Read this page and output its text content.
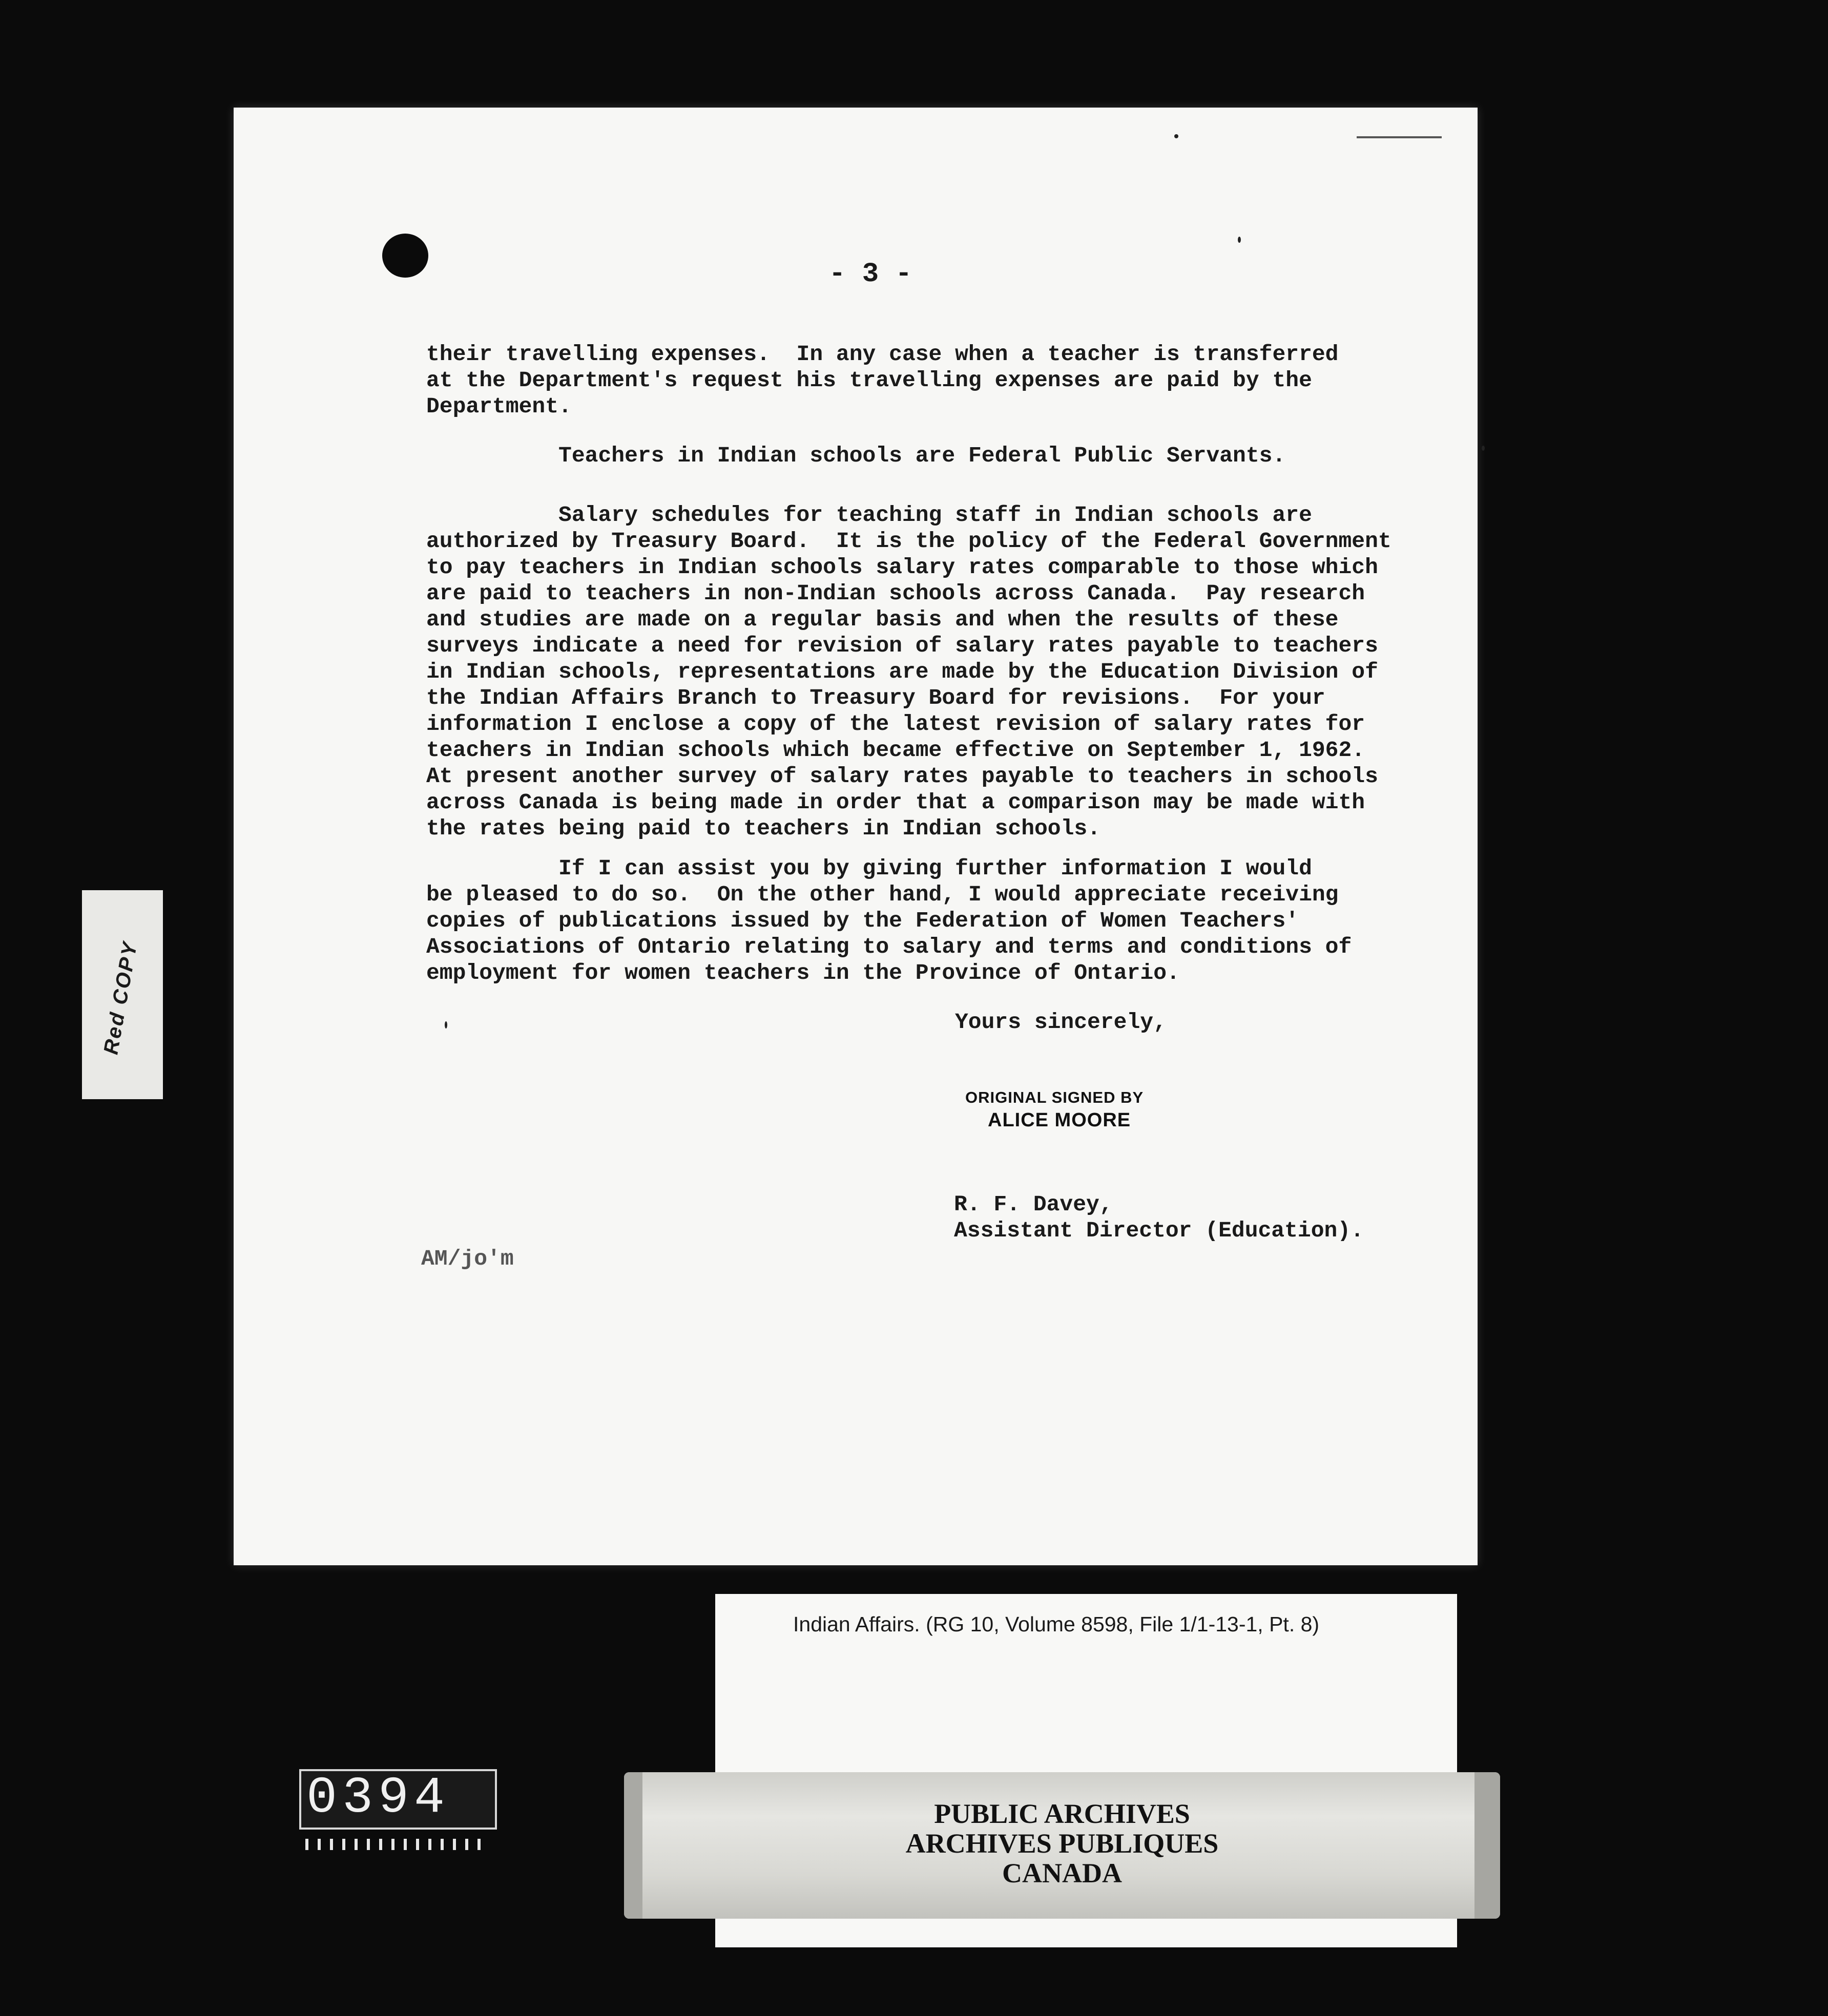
- 3 -
their travelling expenses.  In any case when a teacher is transferred
at the Department's request his travelling expenses are paid by the
Department.
Teachers in Indian schools are Federal Public Servants.
Salary schedules for teaching staff in Indian schools are
authorized by Treasury Board.  It is the policy of the Federal Government
to pay teachers in Indian schools salary rates comparable to those which
are paid to teachers in non-Indian schools across Canada.  Pay research
and studies are made on a regular basis and when the results of these
surveys indicate a need for revision of salary rates payable to teachers
in Indian schools, representations are made by the Education Division of
the Indian Affairs Branch to Treasury Board for revisions.  For your
information I enclose a copy of the latest revision of salary rates for
teachers in Indian schools which became effective on September 1, 1962.
At present another survey of salary rates payable to teachers in schools
across Canada is being made in order that a comparison may be made with
the rates being paid to teachers in Indian schools.
If I can assist you by giving further information I would
be pleased to do so.  On the other hand, I would appreciate receiving
copies of publications issued by the Federation of Women Teachers'
Associations of Ontario relating to salary and terms and conditions of
employment for women teachers in the Province of Ontario.
Yours sincerely,
ORIGINAL SIGNED BY
ALICE MOORE
R. F. Davey,
Assistant Director (Education).
AM/jo'm
Red COPY
Indian Affairs. (RG 10, Volume 8598, File 1/1-13-1, Pt. 8)
PUBLIC ARCHIVES
ARCHIVES PUBLIQUES
CANADA
0394
